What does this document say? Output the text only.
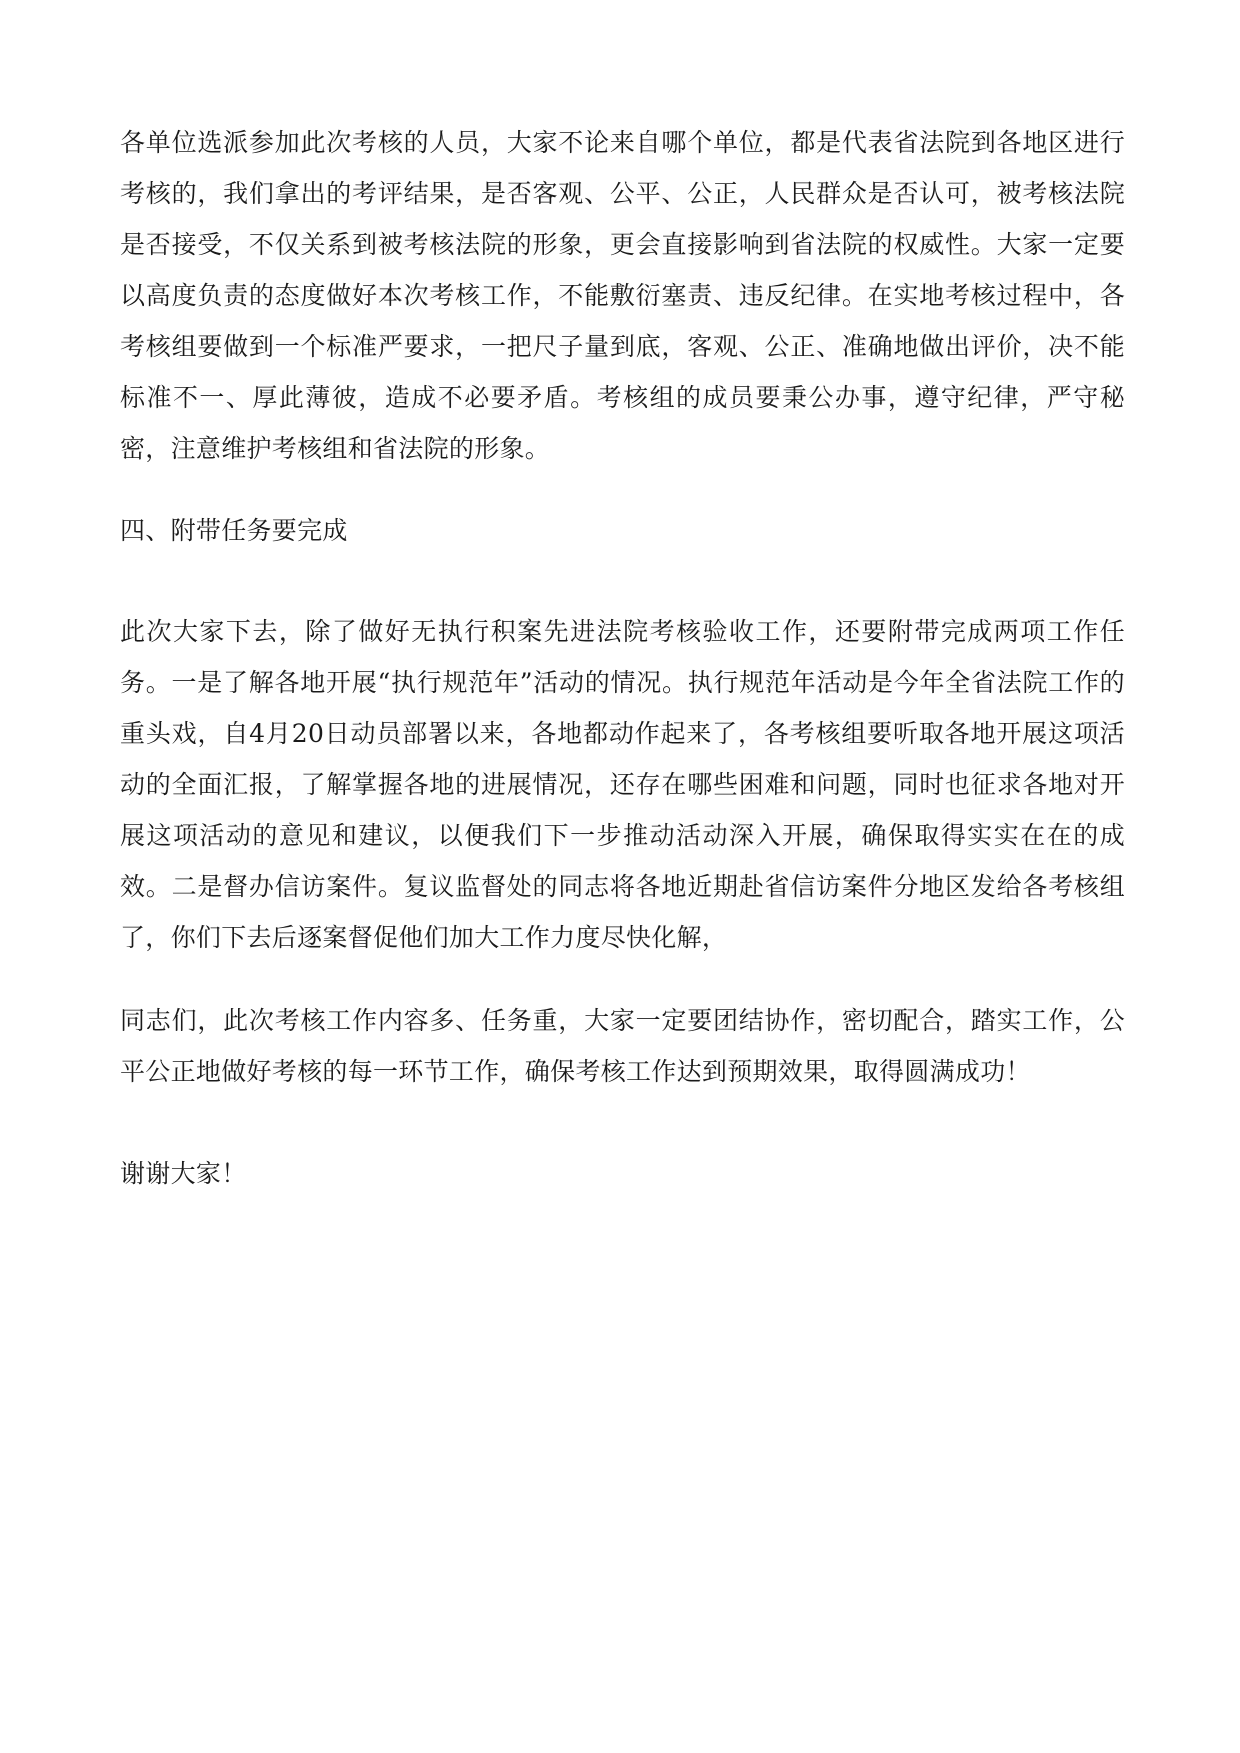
各单位选派参加此次考核的人员，大家不论来自哪个单位，都是代表省法院到各地区进行考核的，我们拿出的考评结果，是否客观、公平、公正，人民群众是否认可，被考核法院是否接受，不仅关系到被考核法院的形象，更会直接影响到省法院的权威性。大家一定要以高度负责的态度做好本次考核工作，不能敷衍塞责、违反纪律。在实地考核过程中，各考核组要做到一个标准严要求，一把尺子量到底，客观、公正、准确地做出评价，决不能标准不一、厚此薄彼，造成不必要矛盾。考核组的成员要秉公办事，遵守纪律，严守秘密，注意维护考核组和省法院的形象。

四、附带任务要完成

此次大家下去，除了做好无执行积案先进法院考核验收工作，还要附带完成两项工作任务。一是了解各地开展“执行规范年”活动的情况。执行规范年活动是今年全省法院工作的重头戏，自4月20日动员部署以来，各地都动作起来了，各考核组要听取各地开展这项活动的全面汇报，了解掌握各地的进展情况，还存在哪些困难和问题，同时也征求各地对开展这项活动的意见和建议，以便我们下一步推动活动深入开展，确保取得实实在在的成效。二是督办信访案件。复议监督处的同志将各地近期赴省信访案件分地区发给各考核组了，你们下去后逐案督促他们加大工作力度尽快化解，

同志们，此次考核工作内容多、任务重，大家一定要团结协作，密切配合，踏实工作，公平公正地做好考核的每一环节工作，确保考核工作达到预期效果，取得圆满成功！

谢谢大家！
